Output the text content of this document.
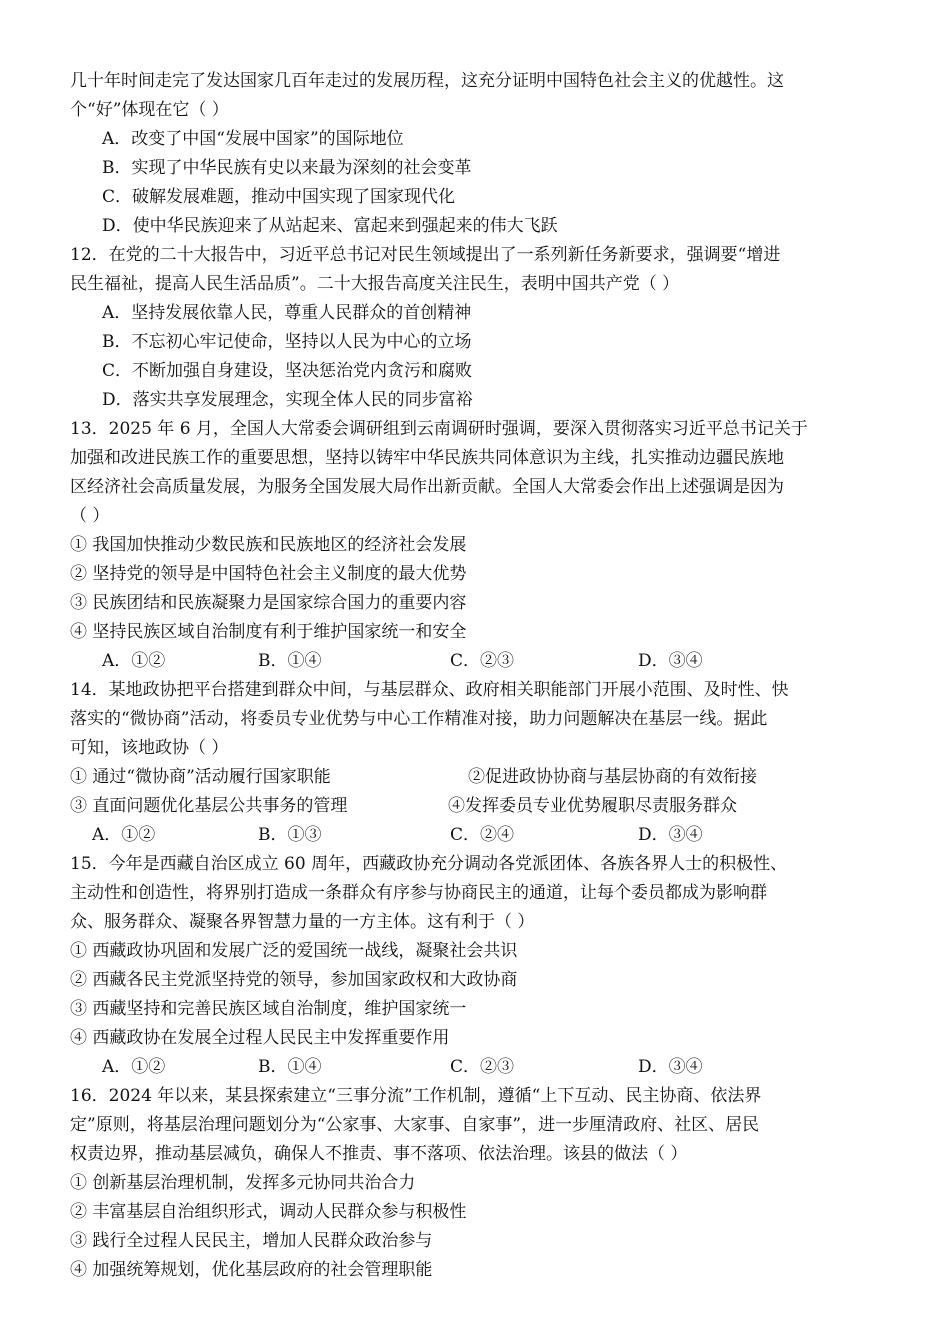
几十年时间走完了发达国家几百年走过的发展历程，这充分证明中国特色社会主义的优越性。这
个“好”体现在它（ ）
A．改变了中国“发展中国家”的国际地位
B．实现了中华民族有史以来最为深刻的社会变革
C．破解发展难题，推动中国实现了国家现代化
D．使中华民族迎来了从站起来、富起来到强起来的伟大飞跃
12．在党的二十大报告中，习近平总书记对民生领域提出了一系列新任务新要求，强调要“增进
民生福祉，提高人民生活品质”。二十大报告高度关注民生，表明中国共产党（ ）
A．坚持发展依靠人民，尊重人民群众的首创精神
B．不忘初心牢记使命，坚持以人民为中心的立场
C．不断加强自身建设，坚决惩治党内贪污和腐败
D．落实共享发展理念，实现全体人民的同步富裕
13．2025 年 6 月，全国人大常委会调研组到云南调研时强调，要深入贯彻落实习近平总书记关于
加强和改进民族工作的重要思想，坚持以铸牢中华民族共同体意识为主线，扎实推动边疆民族地
区经济社会高质量发展，为服务全国发展大局作出新贡献。全国人大常委会作出上述强调是因为
（ ）
① 我国加快推动少数民族和民族地区的经济社会发展
② 坚持党的领导是中国特色社会主义制度的最大优势
③ 民族团结和民族凝聚力是国家综合国力的重要内容
④ 坚持民族区域自治制度有利于维护国家统一和安全
A．①②	B．①④	C．②③	D．③④
14．某地政协把平台搭建到群众中间，与基层群众、政府相关职能部门开展小范围、及时性、快
落实的“微协商”活动，将委员专业优势与中心工作精准对接，助力问题解决在基层一线。据此
可知，该地政协（ ）
① 通过“微协商”活动履行国家职能	②促进政协协商与基层协商的有效衔接
③ 直面问题优化基层公共事务的管理	④发挥委员专业优势履职尽责服务群众
A．①②	B．①③	C．②④	D．③④
15．今年是西藏自治区成立 60 周年，西藏政协充分调动各党派团体、各族各界人士的积极性、
主动性和创造性，将界别打造成一条群众有序参与协商民主的通道，让每个委员都成为影响群
众、服务群众、凝聚各界智慧力量的一方主体。这有利于（ ）
① 西藏政协巩固和发展广泛的爱国统一战线，凝聚社会共识
② 西藏各民主党派坚持党的领导，参加国家政权和大政协商
③ 西藏坚持和完善民族区域自治制度，维护国家统一
④ 西藏政协在发展全过程人民民主中发挥重要作用
A．①②	B．①④	C．②③	D．③④
16．2024 年以来，某县探索建立“三事分流”工作机制，遵循“上下互动、民主协商、依法界
定”原则，将基层治理问题划分为“公家事、大家事、自家事”，进一步厘清政府、社区、居民
权责边界，推动基层减负，确保人不推责、事不落项、依法治理。该县的做法（ ）
① 创新基层治理机制，发挥多元协同共治合力
② 丰富基层自治组织形式，调动人民群众参与积极性
③ 践行全过程人民民主，增加人民群众政治参与
④ 加强统筹规划，优化基层政府的社会管理职能
